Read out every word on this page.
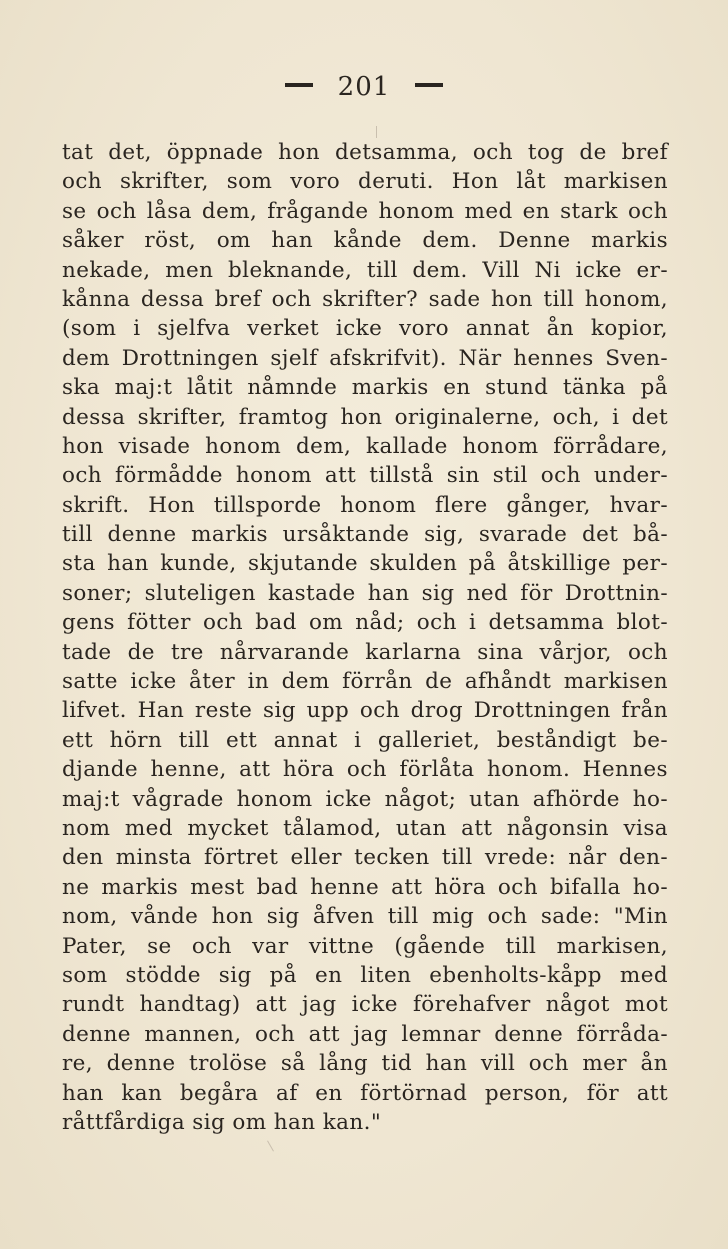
201
tat det, öppnade hon detsamma, och tog de bref
och skrifter, som voro deruti. Hon låt markisen
se och låsa dem, frågande honom med en stark och
såker röst, om han kånde dem. Denne markis
nekade, men bleknande, till dem. Vill Ni icke er-
kånna dessa bref och skrifter? sade hon till honom,
(som i sjelfva verket icke voro annat ån kopior,
dem Drottningen sjelf afskrifvit). När hennes Sven-
ska maj:t låtit nåmnde markis en stund tänka på
dessa skrifter, framtog hon originalerne, och, i det
hon visade honom dem, kallade honom förrådare,
och förmådde honom att tillstå sin stil och under-
skrift. Hon tillsporde honom flere gånger, hvar-
till denne markis ursåktande sig, svarade det bå-
sta han kunde, skjutande skulden på åtskillige per-
soner; sluteligen kastade han sig ned för Drottnin-
gens fötter och bad om nåd; och i detsamma blot-
tade de tre nårvarande karlarna sina vårjor, och
satte icke åter in dem förrån de afhåndt markisen
lifvet. Han reste sig upp och drog Drottningen från
ett hörn till ett annat i galleriet, beståndigt be-
djande henne, att höra och förlåta honom. Hennes
maj:t vågrade honom icke något; utan afhörde ho-
nom med mycket tålamod, utan att någonsin visa
den minsta förtret eller tecken till vrede: når den-
ne markis mest bad henne att höra och bifalla ho-
nom, vånde hon sig åfven till mig och sade: "Min
Pater, se och var vittne (gående till markisen,
som stödde sig på en liten ebenholts-kåpp med
rundt handtag) att jag icke förehafver något mot
denne mannen, och att jag lemnar denne förråda-
re, denne trolöse så lång tid han vill och mer ån
han kan begåra af en förtörnad person, för att
råttfårdiga sig om han kan."
